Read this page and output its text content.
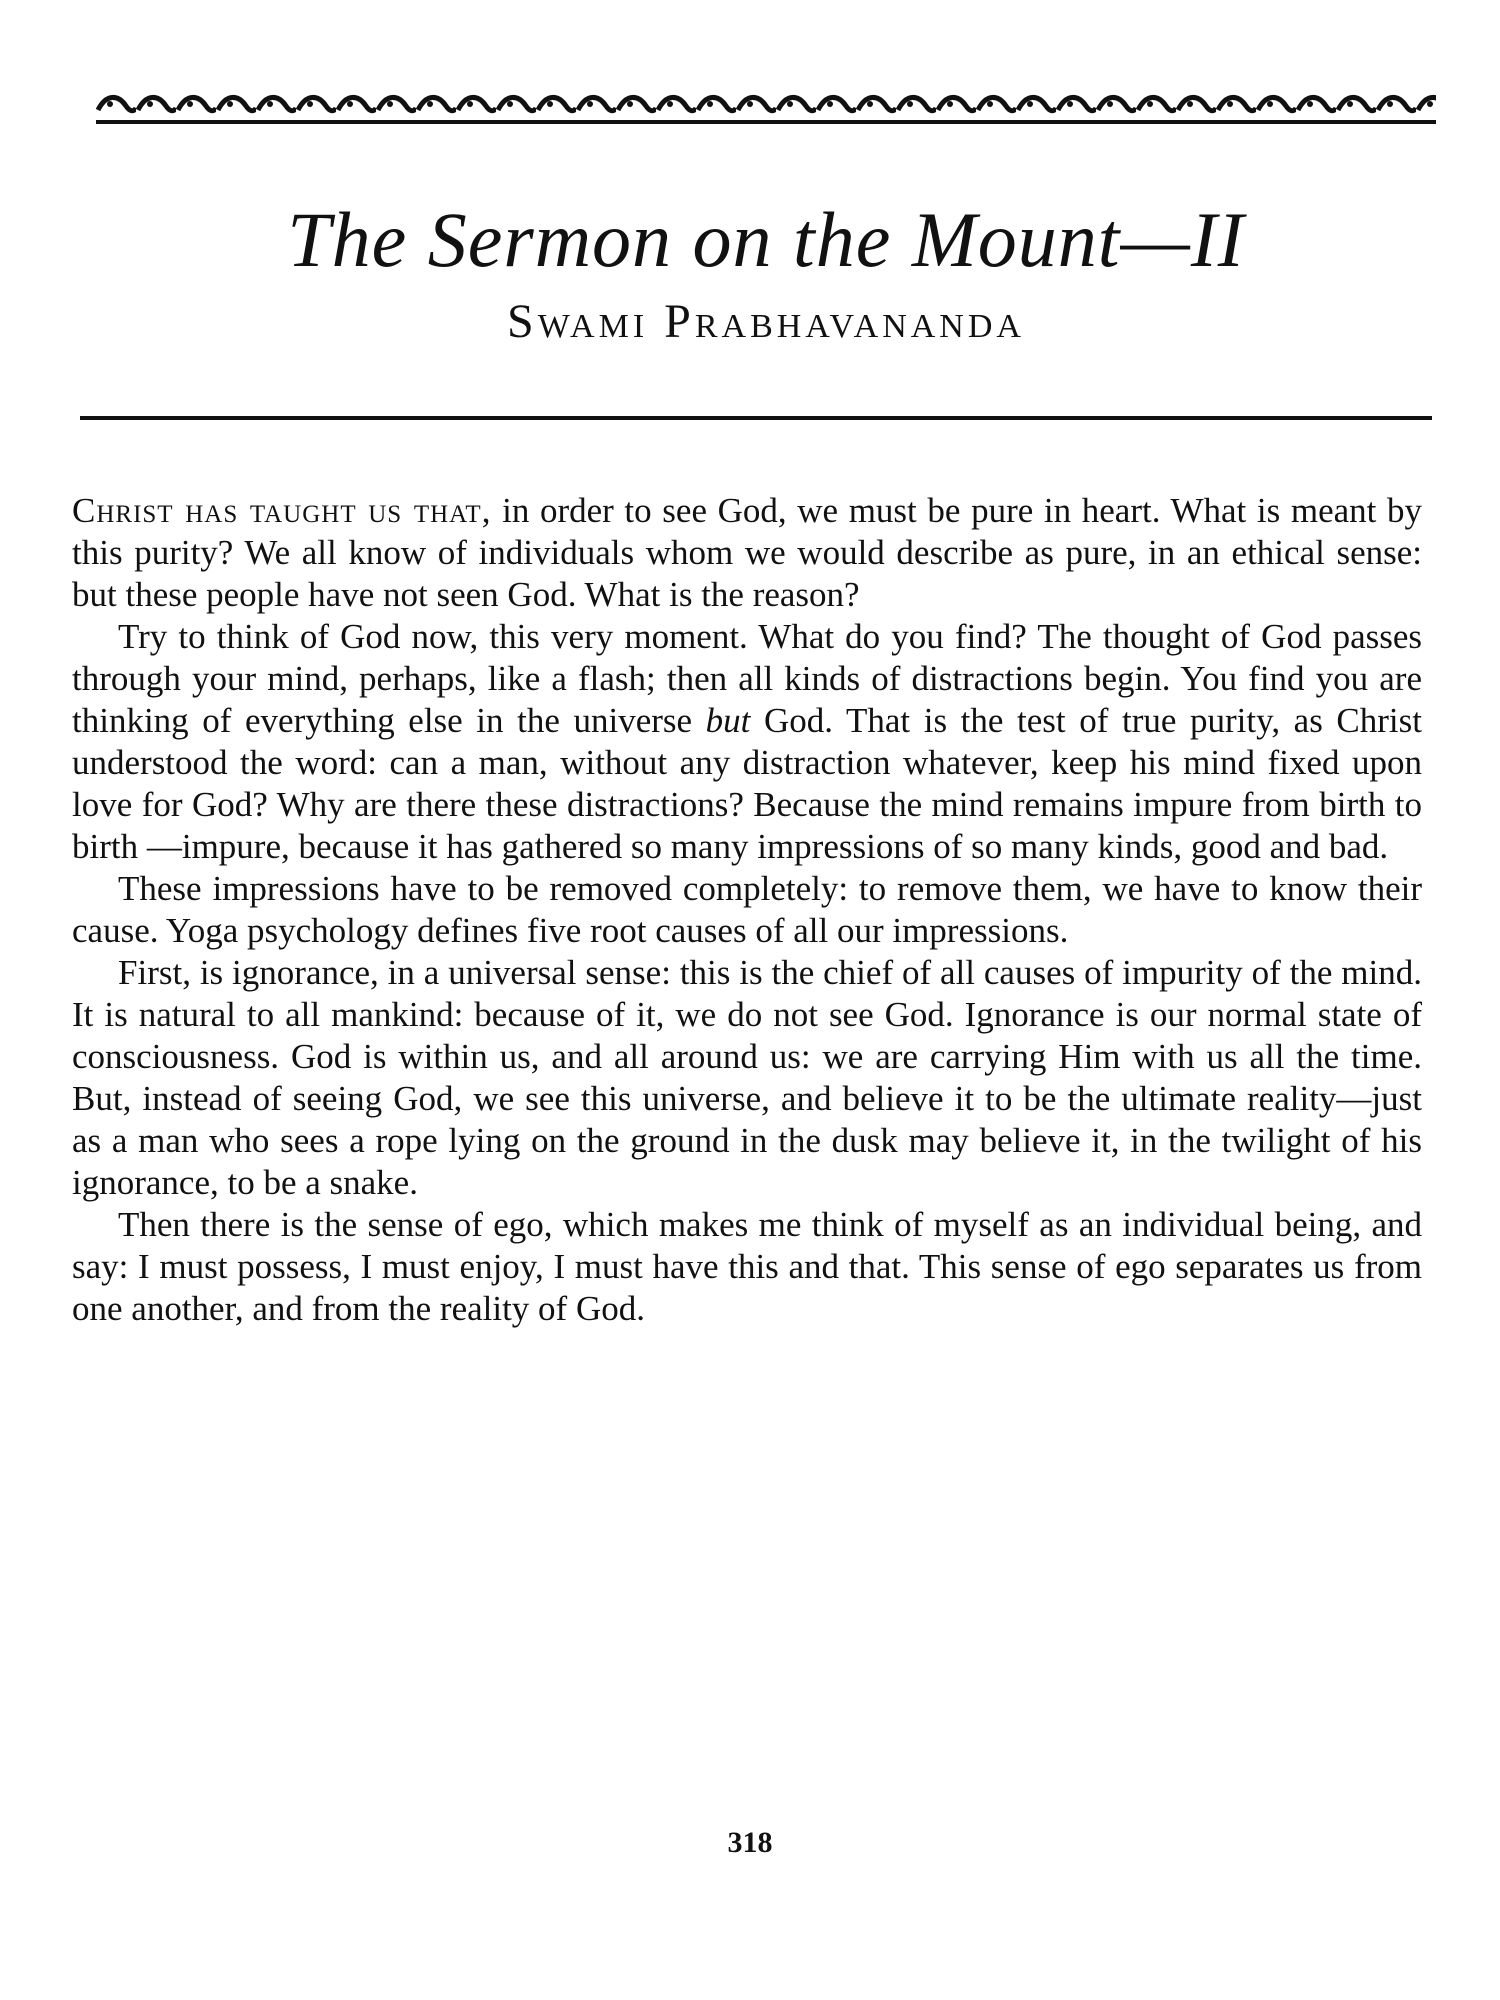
The Sermon on the Mount—II
Swami Prabhavananda

Christ has taught us that, in order to see God, we must be pure in heart. What is meant by this purity? We all know of individuals whom we would describe as pure, in an ethical sense: but these people have not seen God. What is the reason?

Try to think of God now, this very moment. What do you find? The thought of God passes through your mind, perhaps, like a flash; then all kinds of distractions begin. You find you are thinking of everything else in the universe but God. That is the test of true purity, as Christ understood the word: can a man, without any distraction whatever, keep his mind fixed upon love for God? Why are there these distractions? Because the mind remains impure from birth to birth —impure, because it has gathered so many impressions of so many kinds, good and bad.

These impressions have to be removed completely: to remove them, we have to know their cause. Yoga psychology defines five root causes of all our impressions.

First, is ignorance, in a universal sense: this is the chief of all causes of impurity of the mind. It is natural to all mankind: because of it, we do not see God. Ignorance is our normal state of consciousness. God is within us, and all around us: we are carrying Him with us all the time. But, instead of seeing God, we see this universe, and believe it to be the ultimate reality—just as a man who sees a rope lying on the ground in the dusk may believe it, in the twilight of his ignorance, to be a snake.

Then there is the sense of ego, which makes me think of myself as an individual being, and say: I must possess, I must enjoy, I must have this and that. This sense of ego separates us from one another, and from the reality of God.

318
